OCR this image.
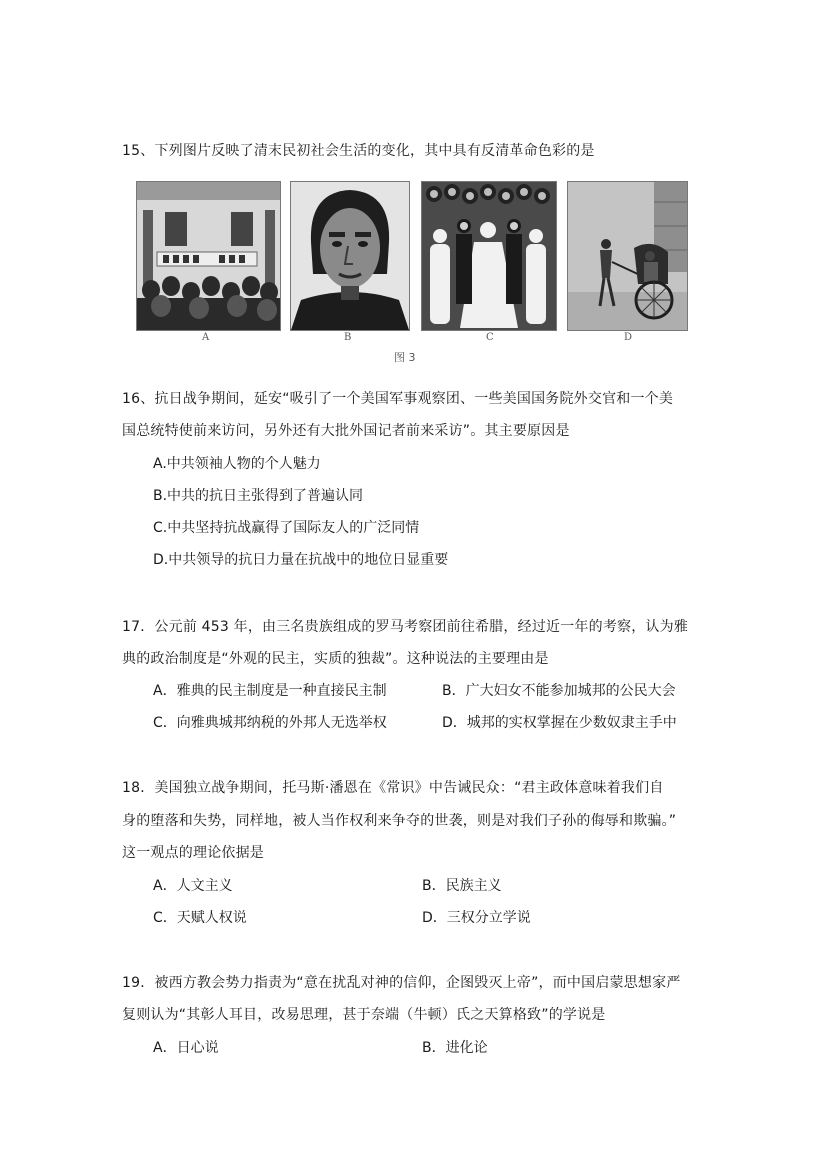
15、下列图片反映了清末民初社会生活的变化，其中具有反清革命色彩的是
A	B	C	D
图 3
16、抗日战争期间，延安“吸引了一个美国军事观察团、一些美国国务院外交官和一个美
国总统特使前来访问，另外还有大批外国记者前来采访”。其主要原因是
A.中共领袖人物的个人魅力
B.中共的抗日主张得到了普遍认同
C.中共坚持抗战赢得了国际友人的广泛同情
D.中共领导的抗日力量在抗战中的地位日显重要
17．公元前 453 年，由三名贵族组成的罗马考察团前往希腊，经过近一年的考察，认为雅
典的政治制度是“外观的民主，实质的独裁”。这种说法的主要理由是
A．雅典的民主制度是一种直接民主制	B．广大妇女不能参加城邦的公民大会
C．向雅典城邦纳税的外邦人无选举权	D．城邦的实权掌握在少数奴隶主手中
18．美国独立战争期间，托马斯·潘恩在《常识》中告诫民众：“君主政体意味着我们自
身的堕落和失势，同样地，被人当作权利来争夺的世袭，则是对我们子孙的侮辱和欺骗。”
这一观点的理论依据是
A．人文主义	B．民族主义
C．天赋人权说	D．三权分立学说
19．被西方教会势力指责为“意在扰乱对神的信仰，企图毁灭上帝”，而中国启蒙思想家严
复则认为“其彰人耳目，改易思理，甚于奈端（牛顿）氏之天算格致”的学说是
A．日心说	B．进化论
